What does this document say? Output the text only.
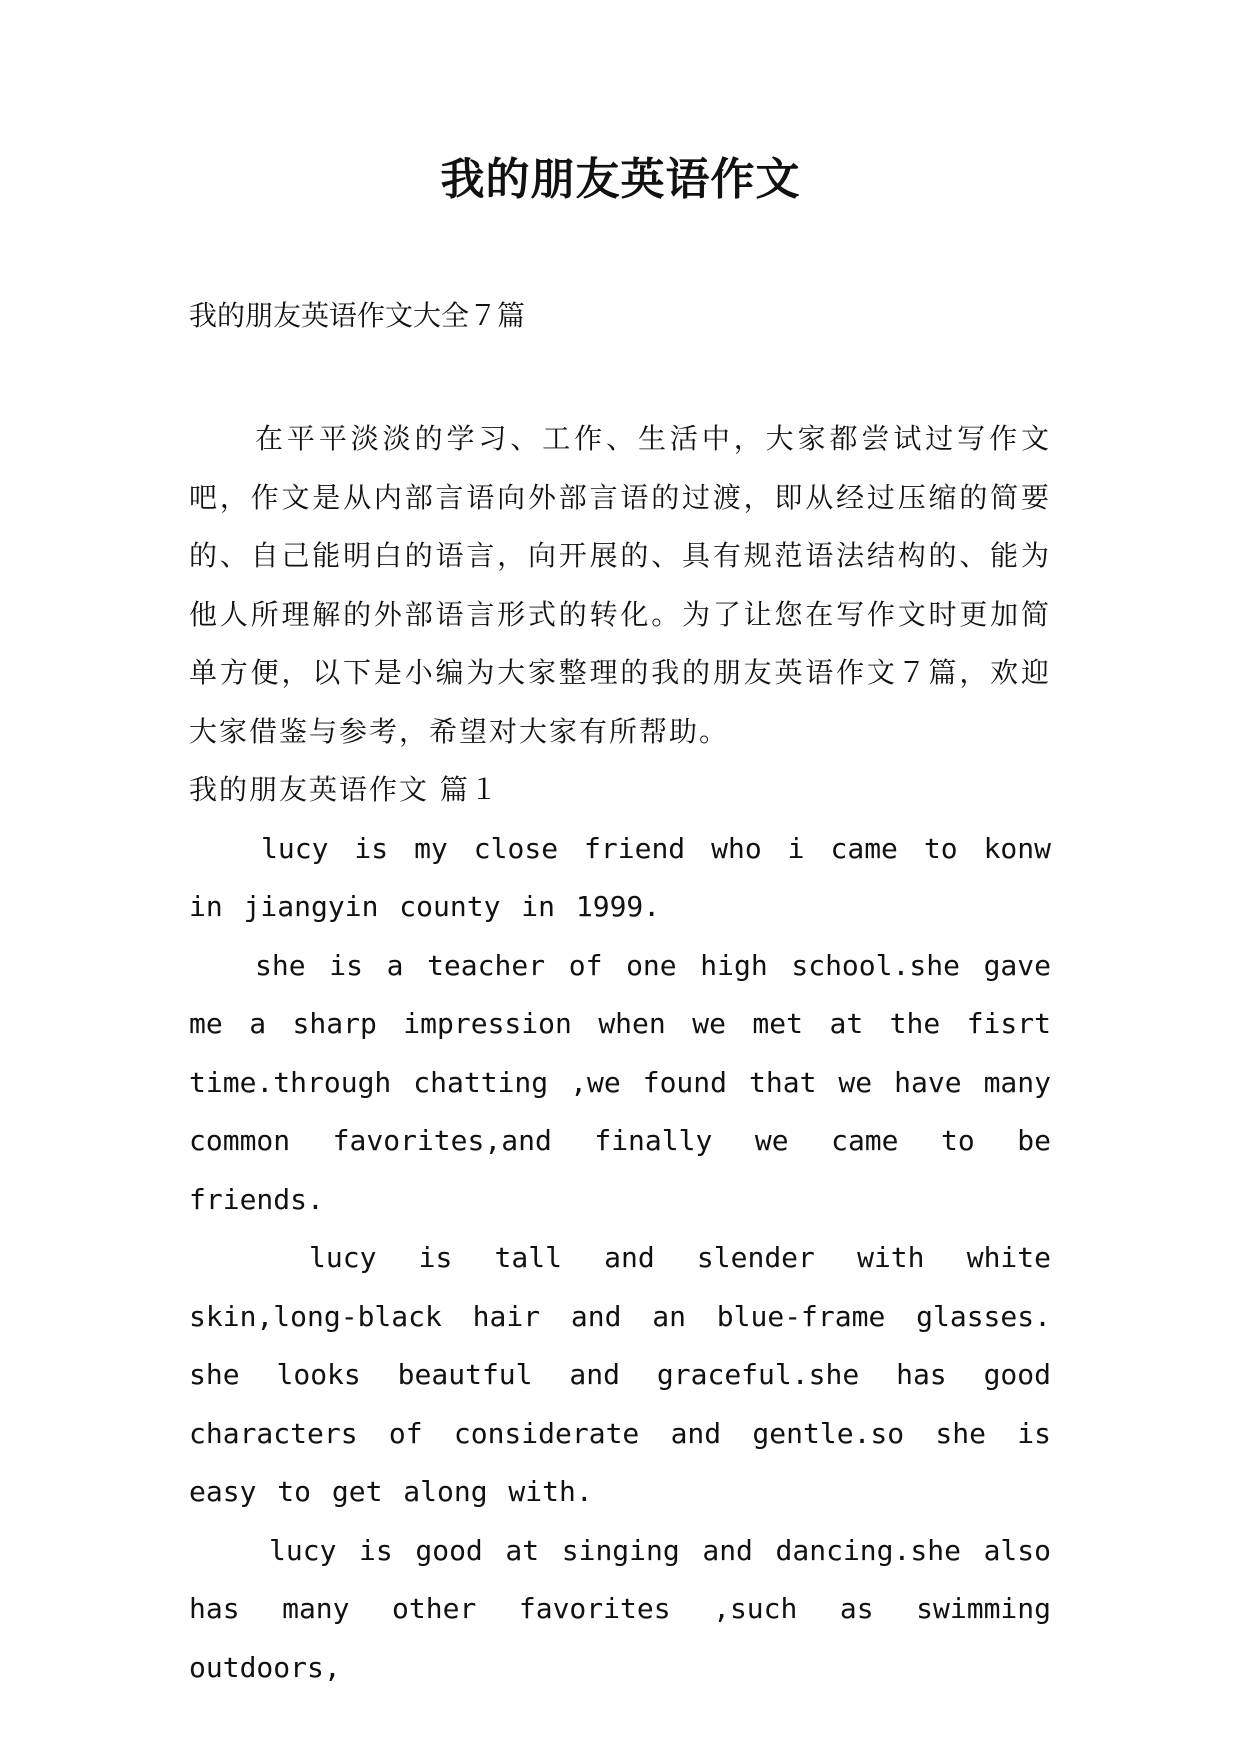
我的朋友英语作文
我的朋友英语作文大全７篇

在平平淡淡的学习、工作、生活中，大家都尝试过写作文吧，作文是从内部言语向外部言语的过渡，即从经过压缩的简要的、自己能明白的语言，向开展的、具有规范语法结构的、能为他人所理解的外部语言形式的转化。为了让您在写作文时更加简单方便，以下是小编为大家整理的我的朋友英语作文７篇，欢迎大家借鉴与参考，希望对大家有所帮助。

我的朋友英语作文 篇１

lucy is my close friend who i came to konw in jiangyin county in 1999.

she is a teacher of one high school.she gave me a sharp impression when we met at the fisrt time.through chatting ,we found that we have many common favorites,and finally we came to be friends.

lucy is tall and slender with white skin,long-black hair and an blue-frame glasses. she looks beautful and graceful.she has good characters of considerate and gentle.so she is easy to get along with.

lucy is good at singing and dancing.she also has many other favorites ,such as swimming outdoors,
